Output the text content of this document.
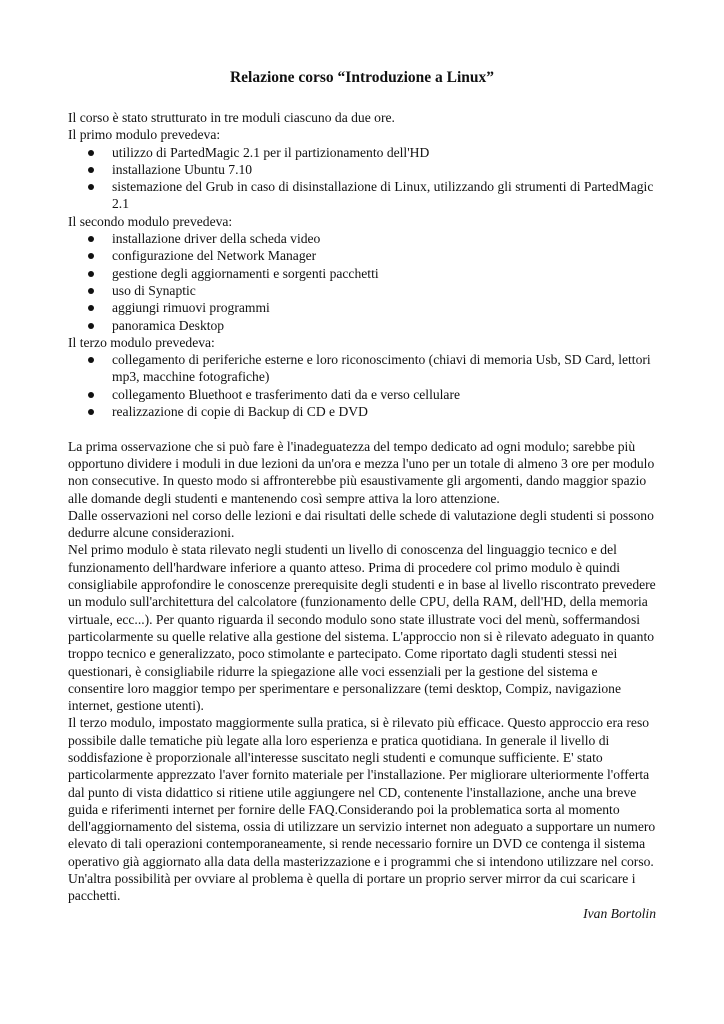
Relazione corso “Introduzione a Linux”

Il corso è stato strutturato in tre moduli ciascuno da due ore.

Il primo modulo prevedeva:

utilizzo di PartedMagic 2.1 per il partizionamento dell'HD
installazione Ubuntu 7.10
sistemazione del Grub in caso di disinstallazione di Linux, utilizzando gli strumenti di PartedMagic 2.1

Il secondo modulo prevedeva:

installazione driver della scheda video
configurazione del Network Manager
gestione degli aggiornamenti e sorgenti pacchetti
uso di Synaptic
aggiungi rimuovi programmi
panoramica Desktop

Il terzo modulo prevedeva:

collegamento di periferiche esterne e loro riconoscimento (chiavi di memoria Usb, SD Card, lettori mp3, macchine fotografiche)
collegamento Bluethoot e trasferimento dati da e verso cellulare
realizzazione di copie di Backup di CD e DVD

La prima osservazione che si può fare è l'inadeguatezza del tempo dedicato ad ogni modulo; sarebbe più opportuno dividere i moduli in due lezioni da un'ora e mezza l'uno per un totale di almeno 3 ore per modulo non consecutive. In questo modo si affronterebbe più esaustivamente gli argomenti, dando maggior spazio alle domande degli studenti e mantenendo così sempre attiva la loro attenzione.

Dalle osservazioni nel corso delle lezioni e dai risultati delle schede di valutazione degli studenti si possono dedurre alcune considerazioni.

Nel primo modulo è stata rilevato negli studenti un livello di conoscenza del linguaggio tecnico e del funzionamento dell'hardware inferiore a quanto atteso. Prima di procedere col primo modulo è quindi consigliabile approfondire le conoscenze prerequisite degli studenti e in base al livello riscontrato prevedere un modulo sull'architettura del calcolatore (funzionamento delle CPU, della RAM, dell'HD, della memoria virtuale, ecc...). Per quanto riguarda il secondo modulo sono state illustrate voci del menù, soffermandosi particolarmente su quelle relative alla gestione del sistema. L'approccio non si è rilevato adeguato in quanto troppo tecnico e generalizzato, poco stimolante e partecipato. Come riportato dagli studenti stessi nei questionari, è consigliabile ridurre la spiegazione alle voci essenziali per la gestione del sistema e consentire loro maggior tempo per sperimentare e personalizzare (temi desktop, Compiz, navigazione internet, gestione utenti).

Il terzo modulo, impostato maggiormente sulla pratica, si è rilevato più efficace. Questo approccio era reso possibile dalle tematiche più legate alla loro esperienza e pratica quotidiana. In generale il livello di soddisfazione è proporzionale all'interesse suscitato negli studenti e comunque sufficiente. E' stato particolarmente apprezzato l'aver fornito materiale per l'installazione. Per migliorare ulteriormente l'offerta dal punto di vista didattico si ritiene utile aggiungere nel CD, contenente l'installazione, anche una breve guida e riferimenti internet per fornire delle FAQ.Considerando poi la problematica sorta al momento dell'aggiornamento del sistema, ossia di utilizzare un servizio internet non adeguato a supportare un numero elevato di tali operazioni contemporaneamente, si rende necessario fornire un DVD ce contenga il sistema operativo già aggiornato alla data della masterizzazione e i programmi che si intendono utilizzare nel corso. Un'altra possibilità per ovviare al problema è quella di portare un proprio server mirror da cui scaricare i pacchetti.

Ivan Bortolin
